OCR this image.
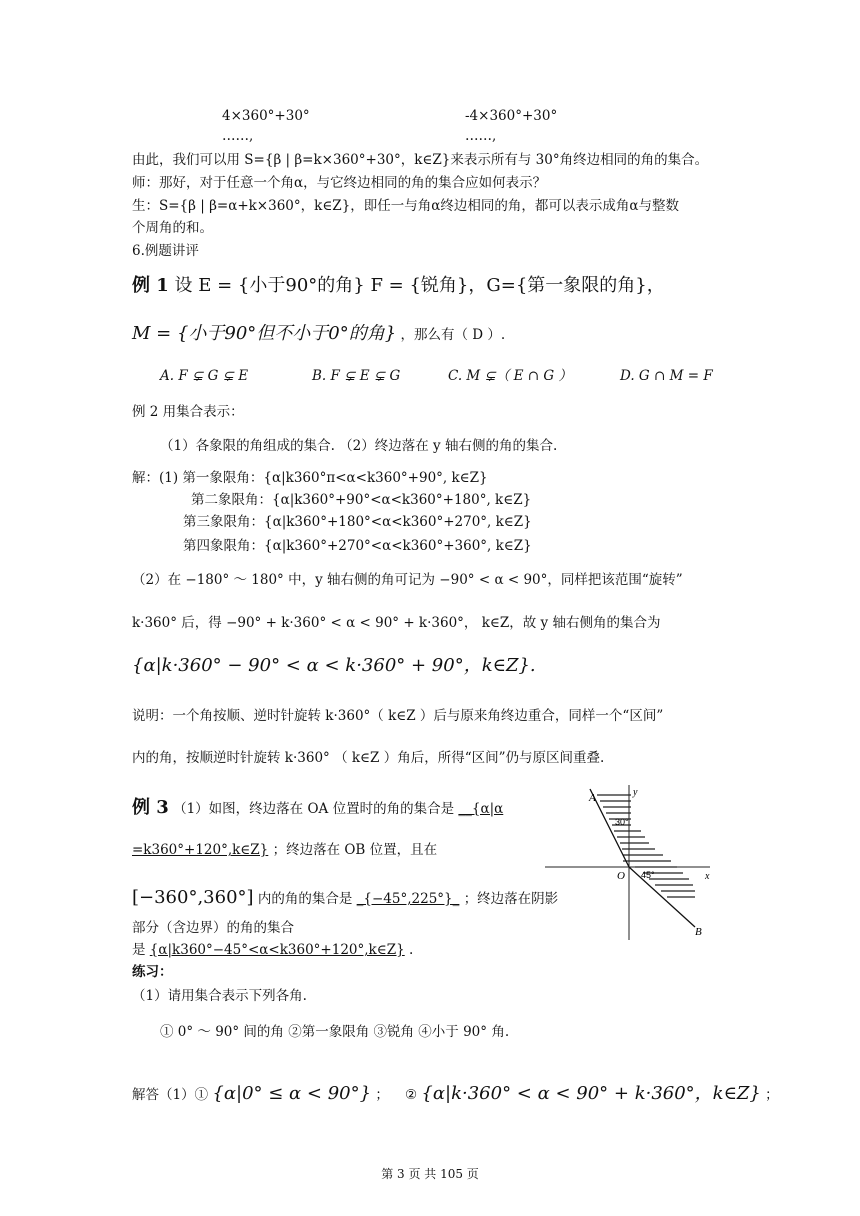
4×360°+30°	-4×360°+30°
……,	……,
由此，我们可以用 S={β | β=k×360°+30°，k∈Z}来表示所有与 30°角终边相同的角的集合。
师：那好，对于任意一个角α，与它终边相同的角的集合应如何表示？
生：S={β | β=α+k×360°，k∈Z}，即任一与角α终边相同的角，都可以表示成角α与整数
个周角的和。
6.例题讲评
例 1 设 E = {小于90°的角} F = {锐角}，G={第一象限的角}，
M = {小于90°但不小于0°的角} ，那么有（ D ）.
A. F ⊊ G ⊊ E	B. F ⊊ E ⊊ G	C. M ⊊（ E ∩ G ）	D. G ∩ M = F
例 2 用集合表示：
（1）各象限的角组成的集合. （2）终边落在 y 轴右侧的角的集合.
解：(1) 第一象限角：{α|k360°π<α<k360°+90°, k∈Z}
第二象限角：{α|k360°+90°<α<k360°+180°, k∈Z}
第三象限角：{α|k360°+180°<α<k360°+270°, k∈Z}
第四象限角：{α|k360°+270°<α<k360°+360°, k∈Z}
（2）在 −180° ～ 180° 中，y 轴右侧的角可记为 −90° < α < 90°，同样把该范围“旋转”
k·360° 后，得 −90° + k·360° < α < 90° + k·360°， k∈Z，故 y 轴右侧角的集合为
{α|k·360° − 90° < α < k·360° + 90°，k∈Z}.
说明：一个角按顺、逆时针旋转 k·360°（ k∈Z ）后与原来角终边重合，同样一个“区间”
内的角，按顺逆时针旋转 k·360° （ k∈Z ）角后，所得“区间”仍与原区间重叠.
例 3 （1）如图，终边落在 OA 位置时的角的集合是 __{α|α
=k360°+120°,k∈Z} ；终边落在 OB 位置，且在
[−360°,360°] 内的角的集合是 _{−45°,225°}_ ；终边落在阴影
部分（含边界）的角的集合
是 {α|k360°−45°<α<k360°+120°,k∈Z} .
A
B
O	x
y
30°
45°
练习：
（1）请用集合表示下列各角.
① 0° ～ 90° 间的角 ②第一象限角 ③锐角 ④小于 90° 角.
解答（1）① {α|0° ≤ α < 90°} ； ② {α|k·360° < α < 90° + k·360°，k∈Z} ；
第 3 页 共 105 页
